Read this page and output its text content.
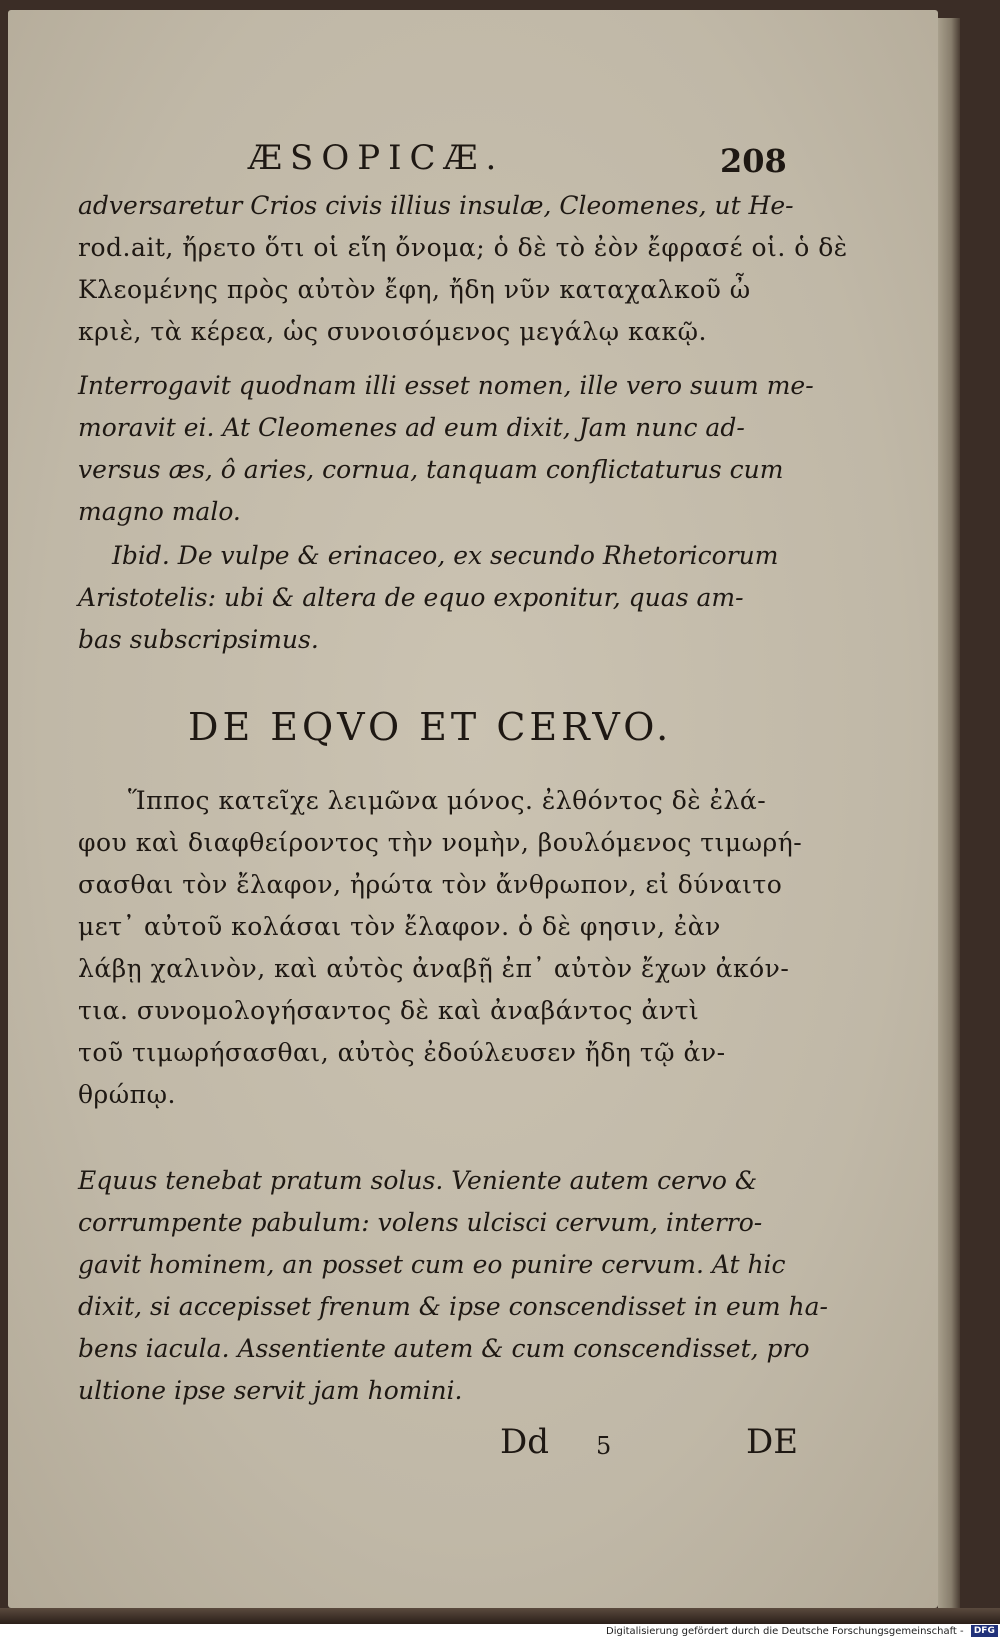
ÆSOPICÆ.	208

adversaretur Crios civis illius insulæ, Cleomenes, ut He-

rod.ait, ἤρετο ὅτι οἱ εἴη ὄνομα; ὁ δὲ τὸ ἐὸν ἔφρασέ οἱ. ὁ δὲ

Κλεομένης πρὸς αὐτὸν ἔφη, ἤδη νῦν καταχαλκοῦ ὦ

κριὲ, τὰ κέρεα, ὡς συνοισόμενος μεγάλῳ κακῷ.

Interrogavit quodnam illi esset nomen, ille vero suum me-

moravit ei. At Cleomenes ad eum dixit, Jam nunc ad-

versus æs, ô aries, cornua, tanquam conflictaturus cum

magno malo.

Ibid. De vulpe & erinaceo, ex secundo Rhetoricorum

Aristotelis: ubi & altera de equo exponitur, quas am-

bas subscripsimus.

DE EQVO ET CERVO.

Ἵππος κατεῖχε λειμῶνα μόνος. ἐλθόντος δὲ ἐλά-

φου καὶ διαφθείροντος τὴν νομὴν, βουλόμενος τιμωρή-

σασθαι τὸν ἔλαφον, ἠρώτα τὸν ἄνθρωπον, εἰ δύναιτο

μετ᾽ αὐτοῦ κολάσαι τὸν ἔλαφον. ὁ δὲ φησιν, ἐὰν

λάβῃ χαλινὸν, καὶ αὐτὸς ἀναβῇ ἐπ᾽ αὐτὸν ἔχων ἀκόν-

τια. συνομολογήσαντος δὲ καὶ ἀναβάντος ἀντὶ

τοῦ τιμωρήσασθαι, αὐτὸς ἐδούλευσεν ἤδη τῷ ἀν-

θρώπῳ.

Equus tenebat pratum solus. Veniente autem cervo &

corrumpente pabulum: volens ulcisci cervum, interro-

gavit hominem, an posset cum eo punire cervum. At hic

dixit, si accepisset frenum & ipse conscendisset in eum ha-

bens iacula. Assentiente autem & cum conscendisset, pro

ultione ipse servit jam homini.

Dd 5	DE
Digitalisierung gefördert durch die Deutsche Forschungsgemeinschaft - DFG
